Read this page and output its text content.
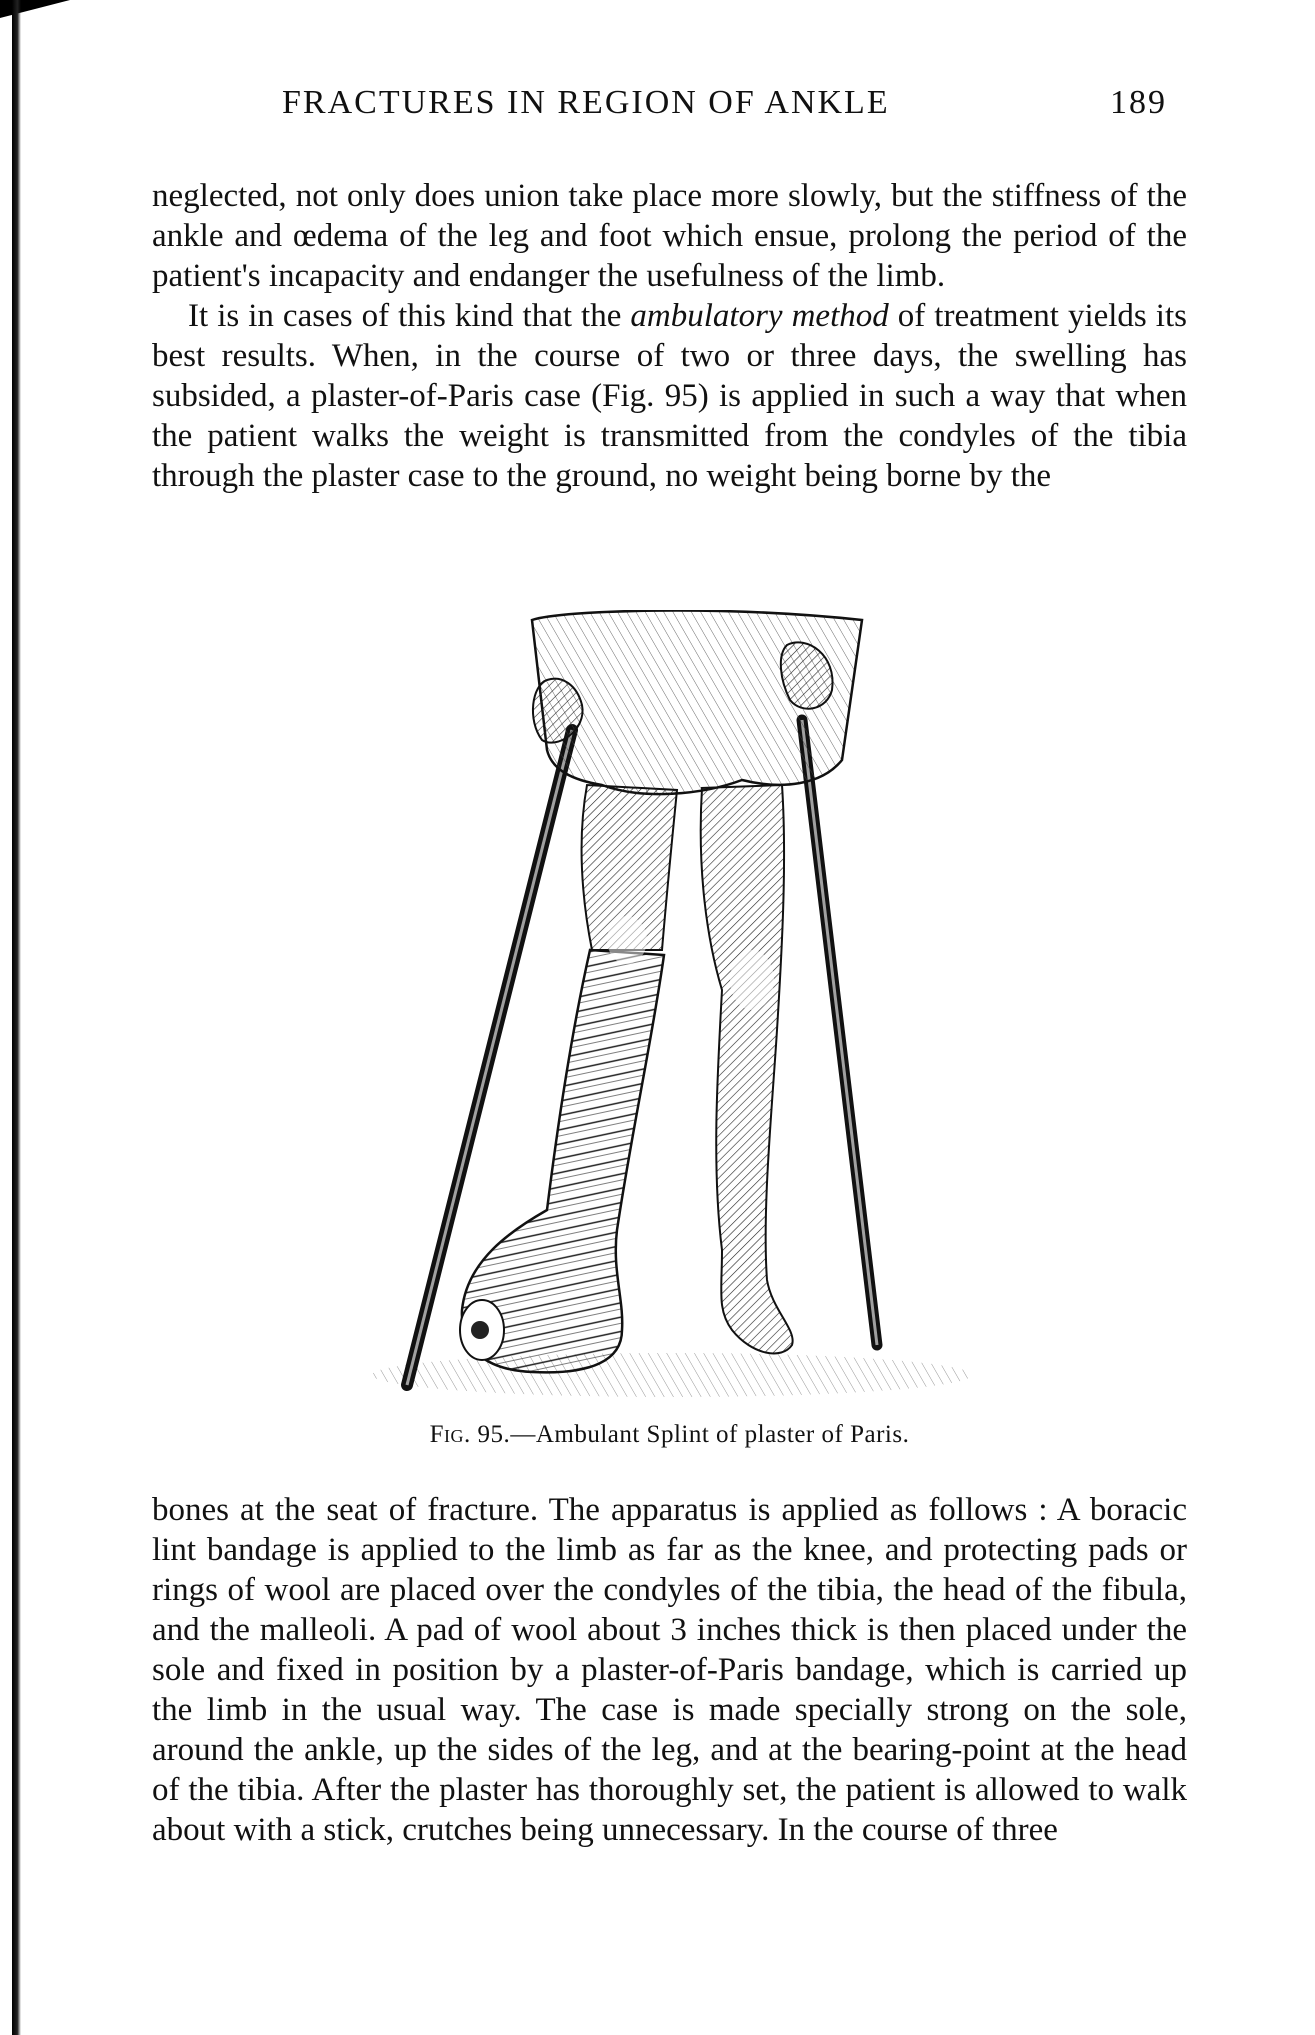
FRACTURES IN REGION OF ANKLE	189

neglected, not only does union take place more slowly, but the stiffness of the ankle and œdema of the leg and foot which ensue, prolong the period of the patient's incapacity and endanger the usefulness of the limb.

It is in cases of this kind that the ambulatory method of treatment yields its best results. When, in the course of two or three days, the swelling has subsided, a plaster-of-Paris case (Fig. 95) is applied in such a way that when the patient walks the weight is transmitted from the condyles of the tibia through the plaster case to the ground, no weight being borne by the

Fig. 95.—Ambulant Splint of plaster of Paris.

bones at the seat of fracture. The apparatus is applied as follows : A boracic lint bandage is applied to the limb as far as the knee, and protecting pads or rings of wool are placed over the condyles of the tibia, the head of the fibula, and the malleoli. A pad of wool about 3 inches thick is then placed under the sole and fixed in position by a plaster-of-Paris bandage, which is carried up the limb in the usual way. The case is made specially strong on the sole, around the ankle, up the sides of the leg, and at the bearing-point at the head of the tibia. After the plaster has thoroughly set, the patient is allowed to walk about with a stick, crutches being unnecessary. In the course of three
